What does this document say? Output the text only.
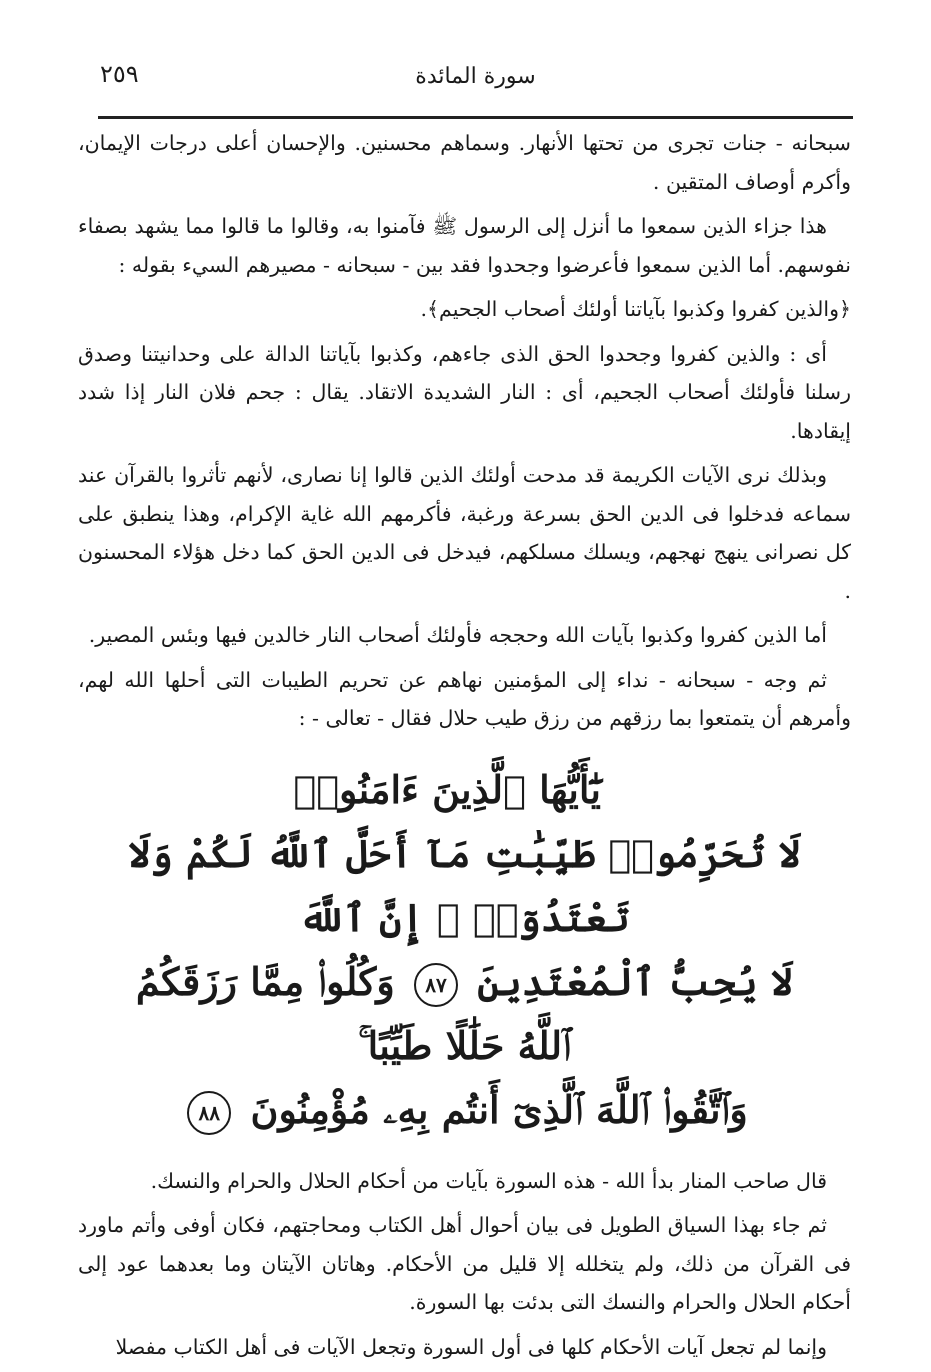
٢٥٩	سورة المائدة

سبحانه - جنات تجرى من تحتها الأنهار. وسماهم محسنين. والإحسان أعلى درجات الإيمان، وأكرم أوصاف المتقين .

هذا جزاء الذين سمعوا ما أنزل إلى الرسول ﷺ فآمنوا به، وقالوا ما قالوا مما يشهد بصفاء نفوسهم. أما الذين سمعوا فأعرضوا وجحدوا فقد بين - سبحانه - مصيرهم السيء بقوله :

﴿والذين كفروا وكذبوا بآياتنا أولئك أصحاب الجحيم﴾.

أى : والذين كفروا وجحدوا الحق الذى جاءهم، وكذبوا بآياتنا الدالة على وحدانيتنا وصدق رسلنا فأولئك أصحاب الجحيم، أى : النار الشديدة الاتقاد. يقال : جحم فلان النار إذا شدد إيقادها.

وبذلك نرى الآيات الكريمة قد مدحت أولئك الذين قالوا إنا نصارى، لأنهم تأثروا بالقرآن عند سماعه فدخلوا فى الدين الحق بسرعة ورغبة، فأكرمهم الله غاية الإكرام، وهذا ينطبق على كل نصرانى ينهج نهجهم، ويسلك مسلكهم، فيدخل فى الدين الحق كما دخل هؤلاء المحسنون .

أما الذين كفروا وكذبوا بآيات الله وحججه فأولئك أصحاب النار خالدين فيها وبئس المصير.

ثم وجه - سبحانه - نداء إلى المؤمنين نهاهم عن تحريم الطيبات التى أحلها الله لهم، وأمرهم أن يتمتعوا بما رزقهم من رزق طيب حلال فقال - تعالى - :

يَٰٓأَيُّهَا ٱلَّذِينَ ءَامَنُوا۟
لَا تُحَرِّمُوا۟ طَيِّبَٰتِ مَآ أَحَلَّ ٱللَّهُ لَكُمْ وَلَا تَعْتَدُوٓا۟ ۚ إِنَّ ٱللَّهَ
لَا يُحِبُّ ٱلْمُعْتَدِينَ ٨٧ وَكُلُوا۟ مِمَّا رَزَقَكُمُ ٱللَّهُ حَلَٰلًا طَيِّبًا ۚ
وَٱتَّقُوا۟ ٱللَّهَ ٱلَّذِىٓ أَنتُم بِهِۦ مُؤْمِنُونَ ٨٨

قال صاحب المنار بدأ الله - هذه السورة بآيات من أحكام الحلال والحرام والنسك.

ثم جاء بهذا السياق الطويل فى بيان أحوال أهل الكتاب ومحاجتهم، فكان أوفى وأتم ماورد فى القرآن من ذلك، ولم يتخلله إلا قليل من الأحكام. وهاتان الآيتان وما بعدهما عود إلى أحكام الحلال والحرام والنسك التى بدئت بها السورة.

وإنما لم تجعل آيات الأحكام كلها فى أول السورة وتجعل الآيات فى أهل الكتاب مفصلا
